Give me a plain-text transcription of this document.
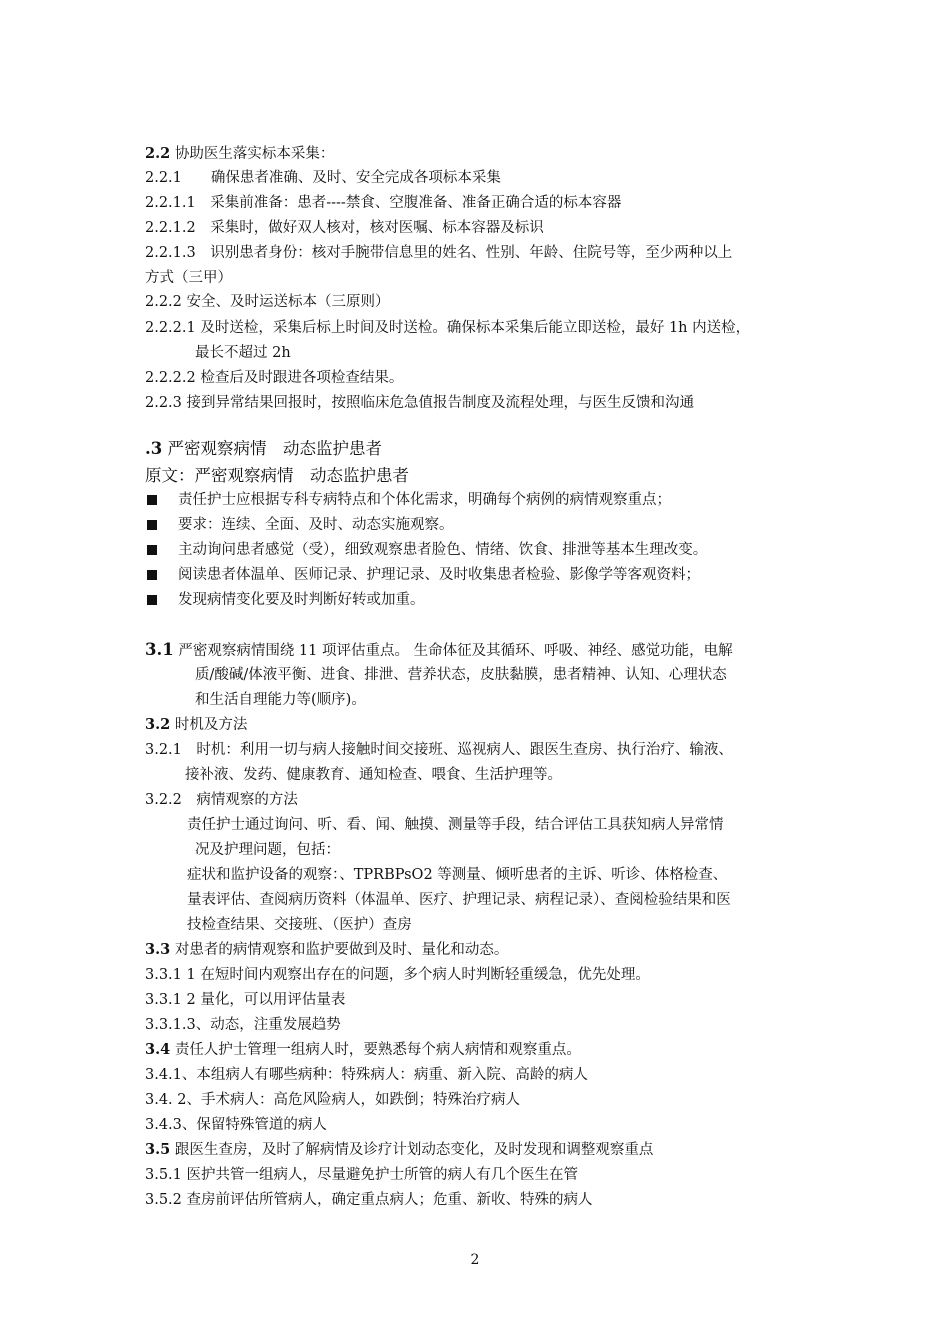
2.2 协助医生落实标本采集：
2.2.1　　确保患者准确、及时、安全完成各项标本采集
2.2.1.1　采集前准备：患者----禁食、空腹准备、准备正确合适的标本容器
2.2.1.2　采集时，做好双人核对，核对医嘱、标本容器及标识
2.2.1.3　识别患者身份：核对手腕带信息里的姓名、性别、年龄、住院号等，至少两种以上
方式（三甲）
2.2.2 安全、及时运送标本（三原则）
2.2.2.1 及时送检，采集后标上时间及时送检。确保标本采集后能立即送检，最好 1h 内送检，
最长不超过 2h
2.2.2.2 检查后及时跟进各项检查结果。
2.2.3 接到异常结果回报时，按照临床危急值报告制度及流程处理，与医生反馈和沟通
.3 严密观察病情　动态监护患者
原文：严密观察病情　动态监护患者
责任护士应根据专科专病特点和个体化需求，明确每个病例的病情观察重点；
要求：连续、全面、及时、动态实施观察。
主动询问患者感觉（受），细致观察患者脸色、情绪、饮食、排泄等基本生理改变。
阅读患者体温单、医师记录、护理记录、及时收集患者检验、影像学等客观资料；
发现病情变化要及时判断好转或加重。
3.1 严密观察病情围绕 11 项评估重点。 生命体征及其循环、呼吸、神经、感觉功能，电解
质/酸碱/体液平衡、进食、排泄、营养状态，皮肤黏膜，患者精神、认知、心理状态
和生活自理能力等(顺序)。
3.2 时机及方法
3.2.1　时机：利用一切与病人接触时间交接班、巡视病人、跟医生查房、执行治疗、输液、
接补液、发药、健康教育、通知检查、喂食、生活护理等。
3.2.2　病情观察的方法
责任护士通过询问、听、看、闻、触摸、测量等手段，结合评估工具获知病人异常情
况及护理问题，包括：
症状和监护设备的观察：、TPRBPsO2 等测量、倾听患者的主诉、听诊、体格检查、
量表评估、查阅病历资料（体温单、医疗、护理记录、病程记录）、查阅检验结果和医
技检查结果、交接班、（医护）查房
3.3 对患者的病情观察和监护要做到及时、量化和动态。
3.3.1 1 在短时间内观察出存在的问题，多个病人时判断轻重缓急，优先处理。
3.3.1 2 量化，可以用评估量表
3.3.1.3、动态，注重发展趋势
3.4 责任人护士管理一组病人时，要熟悉每个病人病情和观察重点。
3.4.1、本组病人有哪些病种：特殊病人：病重、新入院、高龄的病人
3.4. 2、手术病人：高危风险病人，如跌倒；特殊治疗病人
3.4.3、保留特殊管道的病人
3.5 跟医生查房，及时了解病情及诊疗计划动态变化，及时发现和调整观察重点
3.5.1 医护共管一组病人，尽量避免护士所管的病人有几个医生在管
3.5.2 查房前评估所管病人，确定重点病人；危重、新收、特殊的病人
2
